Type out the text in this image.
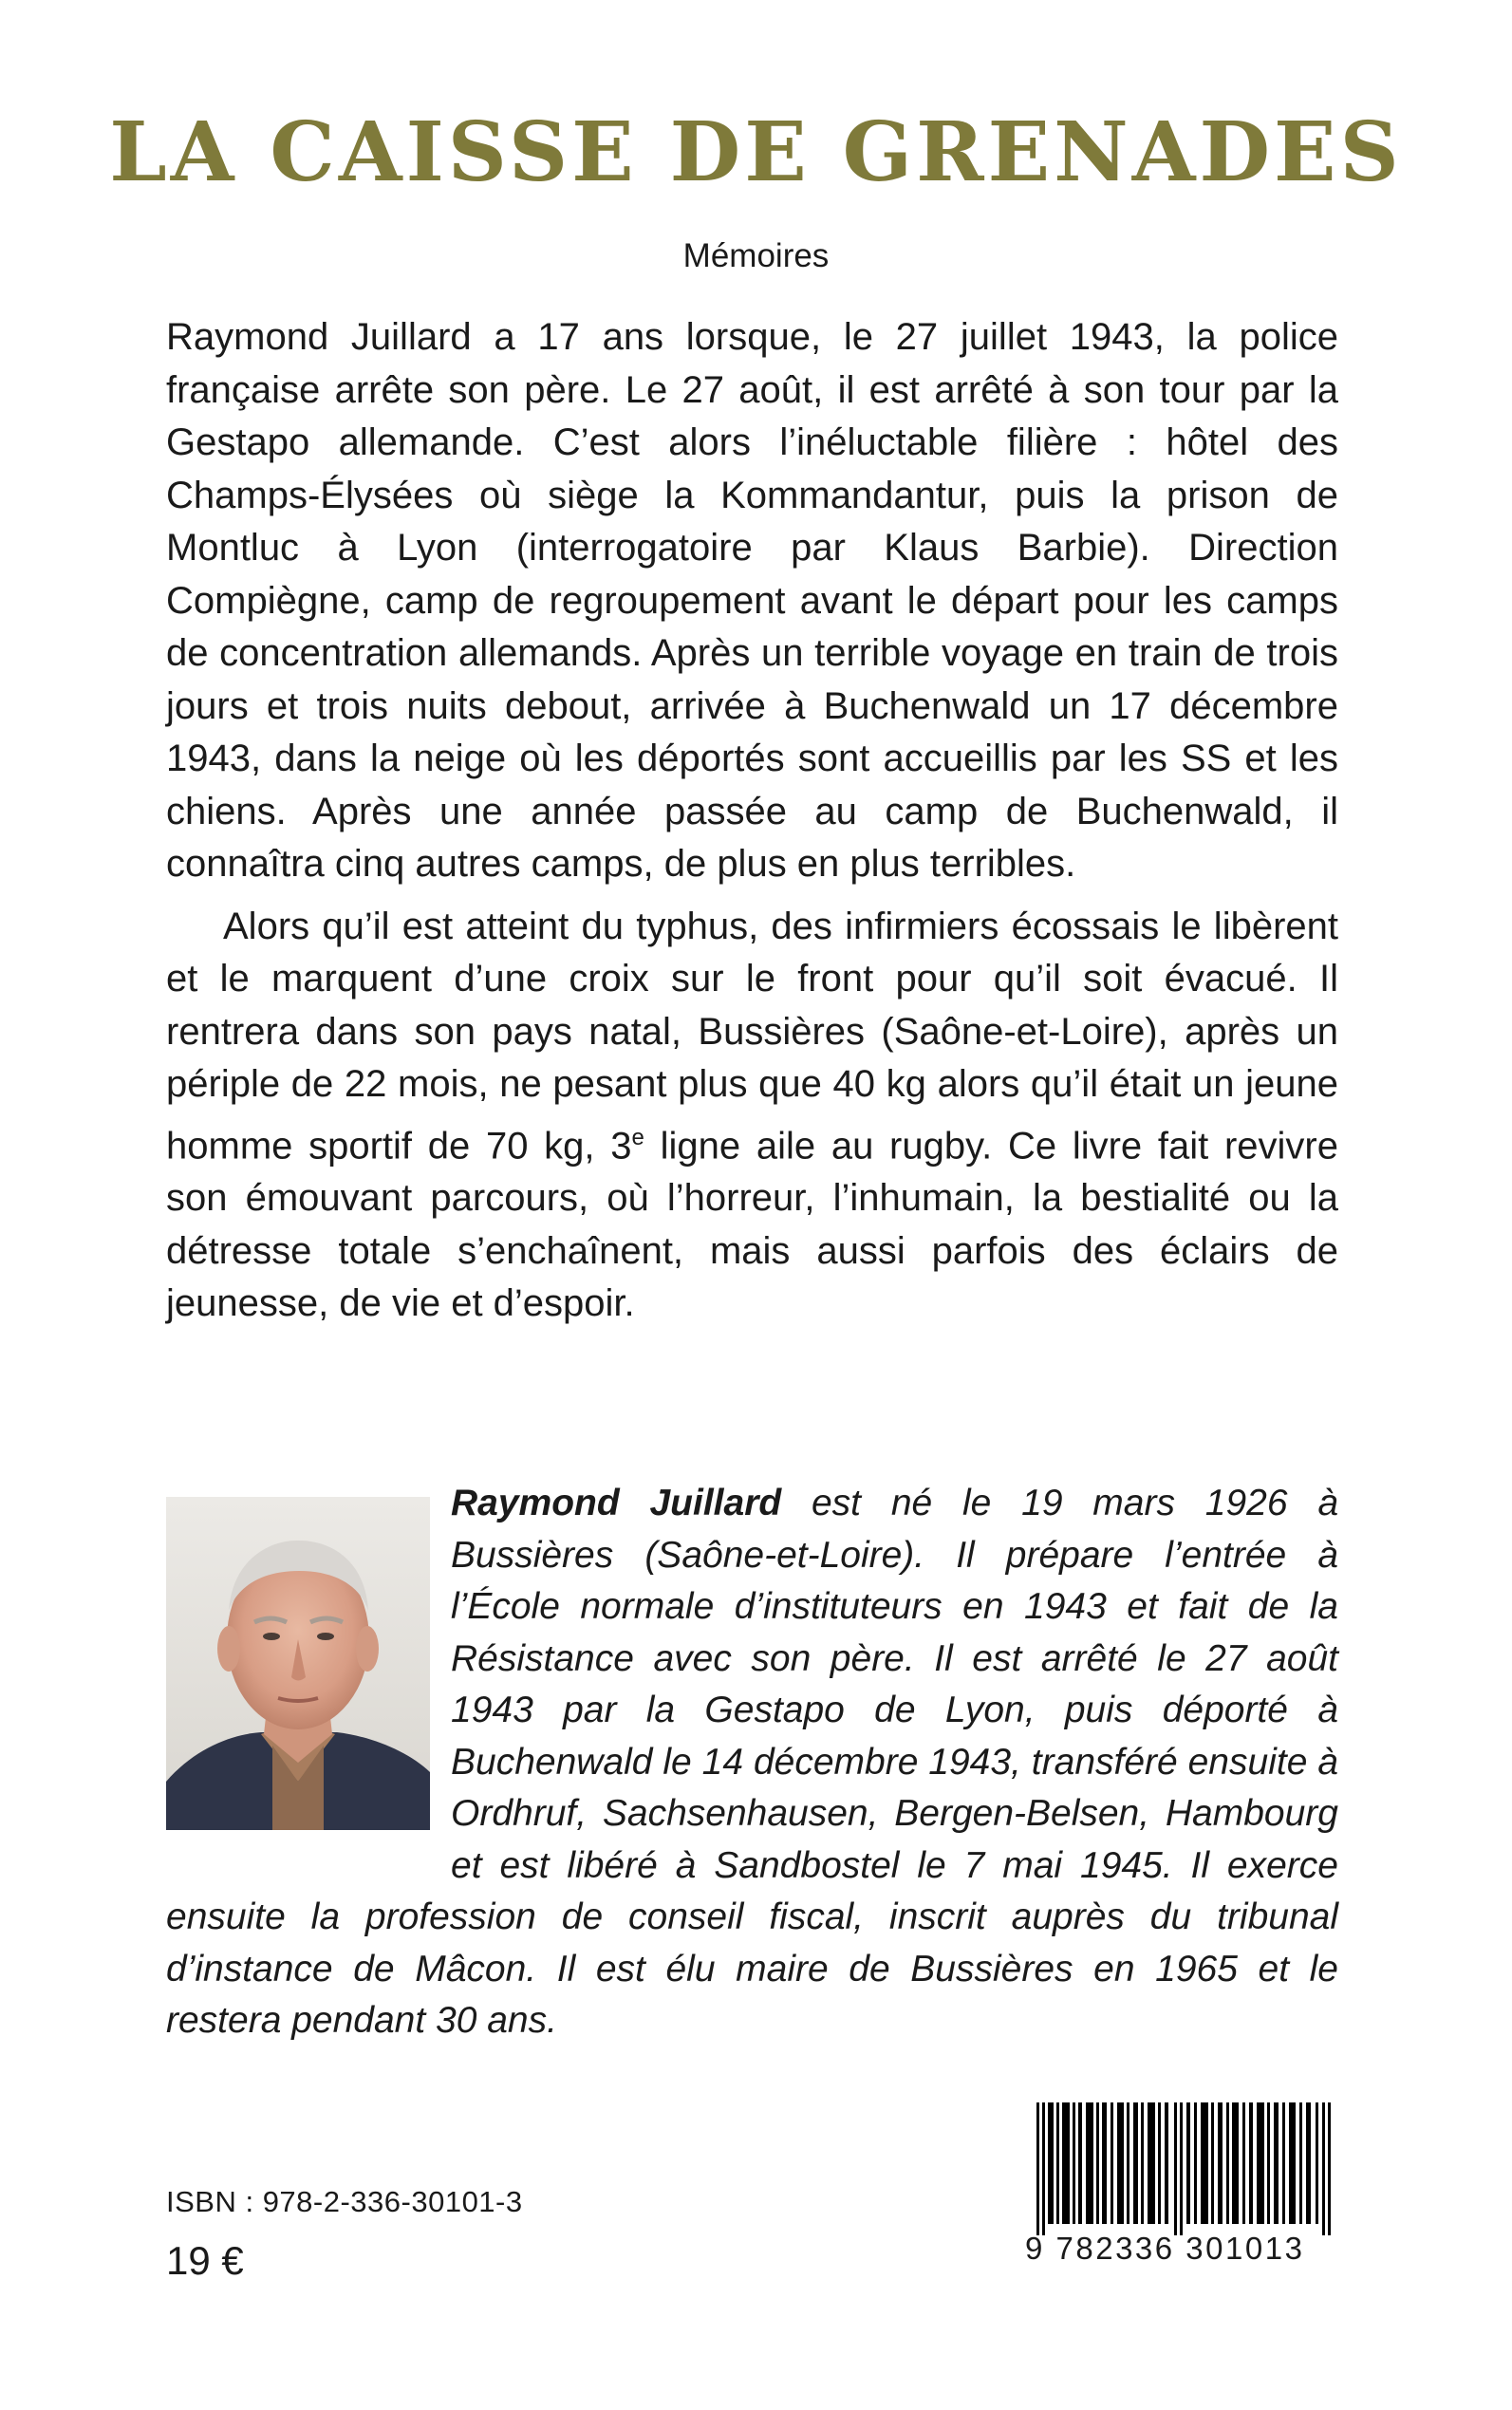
LA CAISSE DE GRENADES
Mémoires

Raymond Juillard a 17 ans lorsque, le 27 juillet 1943, la police française arrête son père. Le 27 août, il est arrêté à son tour par la Gestapo allemande. C’est alors l’inéluctable filière : hôtel des Champs-Élysées où siège la Kommandantur, puis la prison de Montluc à Lyon (interrogatoire par Klaus Barbie). Direction Compiègne, camp de regroupement avant le départ pour les camps de concentration allemands. Après un terrible voyage en train de trois jours et trois nuits debout, arrivée à Buchenwald un 17 décembre 1943, dans la neige où les déportés sont accueillis par les SS et les chiens. Après une année passée au camp de Buchenwald, il connaîtra cinq autres camps, de plus en plus terribles.

Alors qu’il est atteint du typhus, des infirmiers écossais le libèrent et le marquent d’une croix sur le front pour qu’il soit évacué. Il rentrera dans son pays natal, Bussières (Saône-et-Loire), après un périple de 22 mois, ne pesant plus que 40 kg alors qu’il était un jeune homme sportif de 70 kg, 3e ligne aile au rugby. Ce livre fait revivre son émouvant parcours, où l’horreur, l’inhumain, la bestialité ou la détresse totale s’enchaînent, mais aussi parfois des éclairs de jeunesse, de vie et d’espoir.

Raymond Juillard est né le 19 mars 1926 à Bussières (Saône-et-Loire). Il prépare l’entrée à l’École normale d’instituteurs en 1943 et fait de la Résistance avec son père. Il est arrêté le 27 août 1943 par la Gestapo de Lyon, puis déporté à Buchenwald le 14 décembre 1943, transféré ensuite à Ordhruf, Sachsenhausen, Bergen-Belsen, Hambourg et est libéré à Sandbostel le 7 mai 1945. Il exerce ensuite la profession de conseil fiscal, inscrit auprès du tribunal d’instance de Mâcon. Il est élu maire de Bussières en 1965 et le restera pendant 30 ans.
ISBN : 978-2-336-30101-3
19 €	9 782336 301013
